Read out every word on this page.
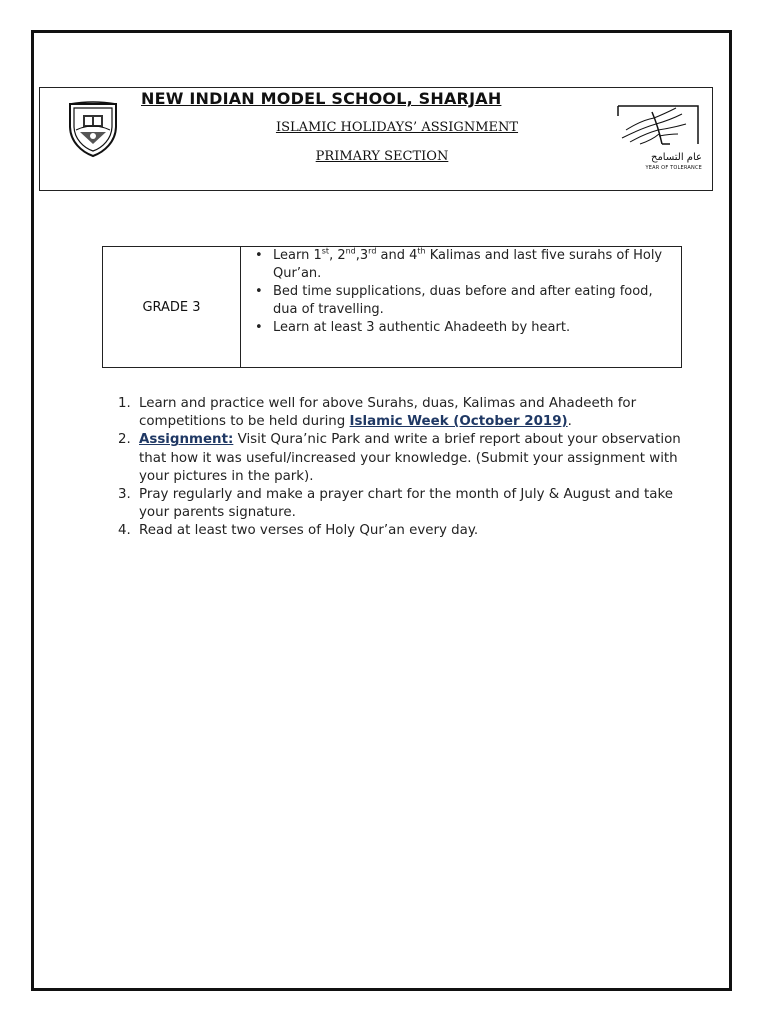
NEW INDIAN MODEL SCHOOL, SHARJAH
ISLAMIC HOLIDAYS’ ASSIGNMENT
PRIMARY SECTION	عام التسامح
YEAR OF TOLERANCE
GRADE 3
• Learn 1st, 2nd,3rd and 4th Kalimas and last five surahs of Holy Qur’an.
• Bed time supplications, duas before and after eating food, dua of travelling.
• Learn at least 3 authentic Ahadeeth by heart.
1. Learn and practice well for above Surahs, duas, Kalimas and Ahadeeth for competitions to be held during Islamic Week (October 2019).
2. Assignment: Visit Qura’nic Park and write a brief report about your observation that how it was useful/increased your knowledge. (Submit your assignment with your pictures in the park).
3. Pray regularly and make a prayer chart for the month of July & August and take your parents signature.
4. Read at least two verses of Holy Qur’an every day.
